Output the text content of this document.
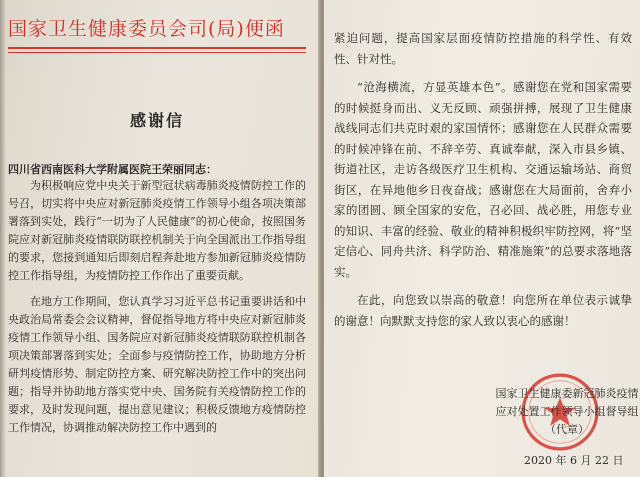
国家卫生健康委员会司(局)便函
感谢信
四川省西南医科大学附属医院王荣丽同志：

为积极响应党中央关于新型冠状病毒肺炎疫情防控工作的号召，切实将中央应对新冠肺炎疫情工作领导小组各项决策部署落到实处，践行“一切为了人民健康”的初心使命，按照国务院应对新冠肺炎疫情联防联控机制关于向全国派出工作指导组的要求，您接到通知后即刻启程奔赴地方参加新冠肺炎疫情防控工作指导组，为疫情防控工作作出了重要贡献。

在地方工作期间，您认真学习习近平总书记重要讲话和中央政治局常委会会议精神，督促指导地方将中央应对新冠肺炎疫情工作领导小组、国务院应对新冠肺炎疫情联防联控机制各项决策部署落到实处；全面参与疫情防控工作，协助地方分析研判疫情形势、制定防控方案、研究解决防控工作中的突出问题；指导并协助地方落实党中央、国务院有关疫情防控工作的要求，及时发现问题，提出意见建议；积极反馈地方疫情防控工作情况，协调推动解决防控工作中遇到的

紧迫问题，提高国家层面疫情防控措施的科学性、有效性、针对性。

“沧海横流，方显英雄本色”。感谢您在党和国家需要的时候挺身而出、义无反顾、顽强拼搏，展现了卫生健康战线同志们共克时艰的家国情怀；感谢您在人民群众需要的时候冲锋在前、不辞辛劳、真诚奉献，深入市县乡镇、街道社区，走访各级医疗卫生机构、交通运输场站、商贸街区，在异地他乡日夜奋战；感谢您在大局面前，舍弃小家的团圆、顾全国家的安危，召必回、战必胜，用您专业的知识、丰富的经验、敬业的精神积极织牢防控网，将“坚定信心、同舟共济、科学防治、精准施策”的总要求落地落实。

在此，向您致以崇高的敬意！向您所在单位表示诚挚的谢意！向默默支持您的家人致以衷心的感谢！

国家卫生健康委新冠肺炎疫情
应对处置工作领导小组督导组
（代章）
2020 年 6 月 22 日
